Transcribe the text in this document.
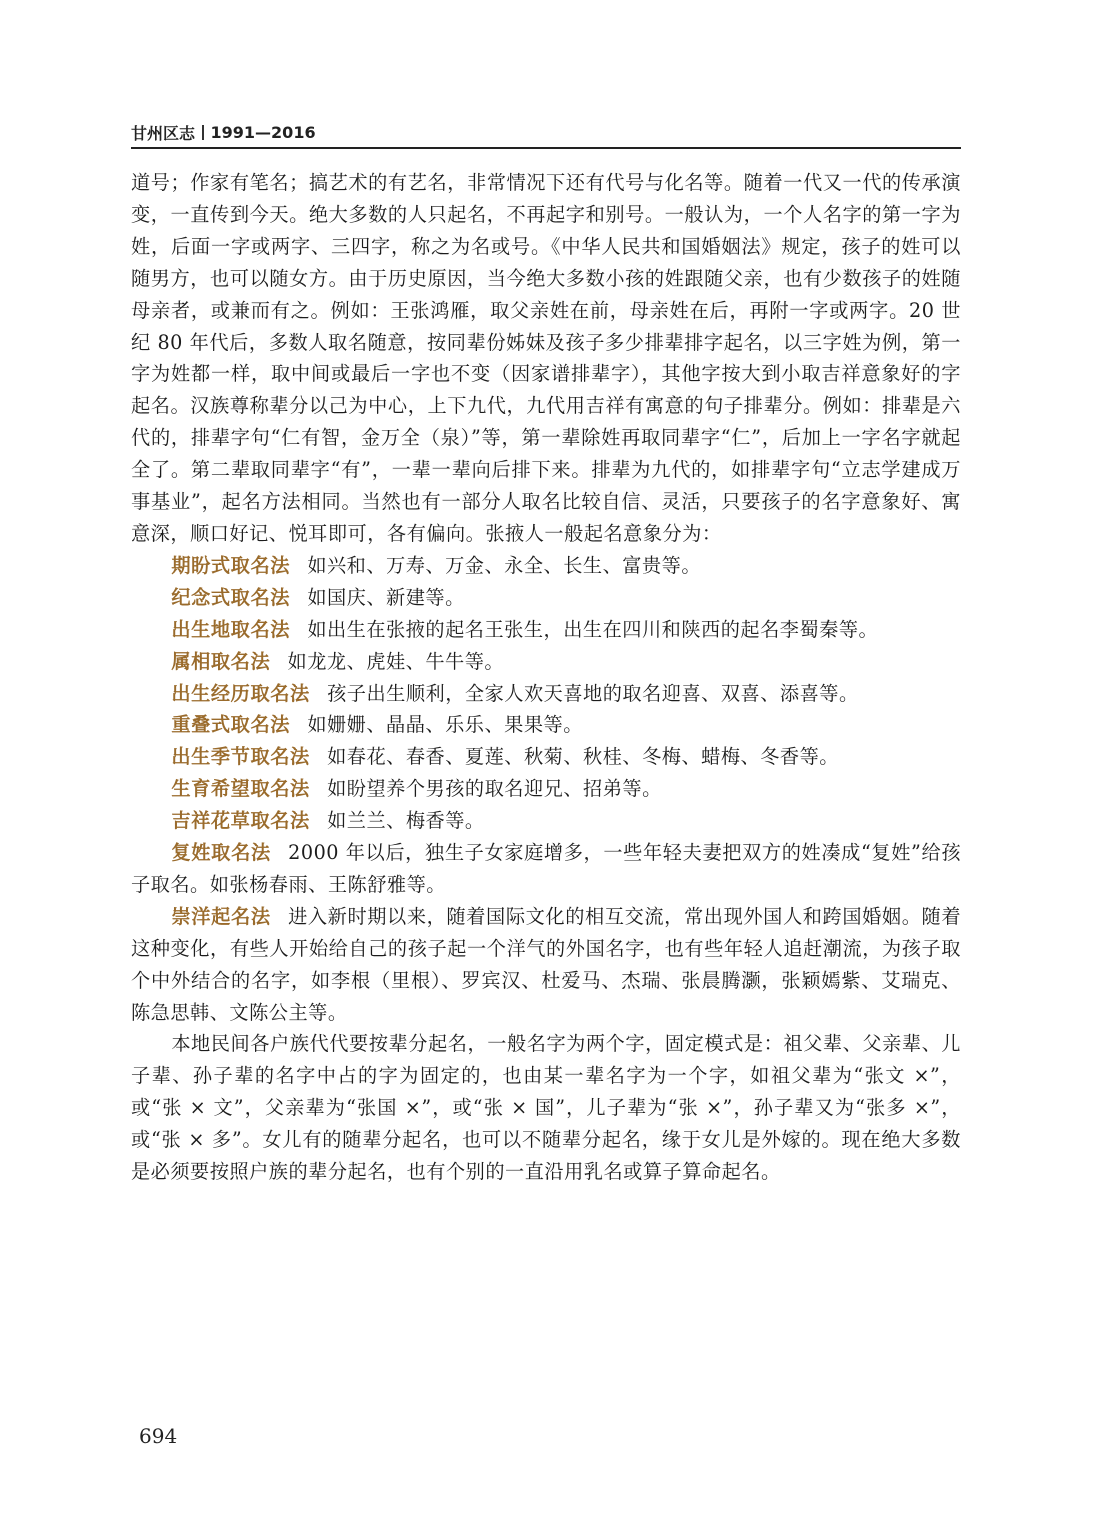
甘州区志 1991—2016

道号；作家有笔名；搞艺术的有艺名，非常情况下还有代号与化名等。随着一代又一代的传承演变，一直传到今天。绝大多数的人只起名，不再起字和别号。一般认为，一个人名字的第一字为姓，后面一字或两字、三四字，称之为名或号。《中华人民共和国婚姻法》规定，孩子的姓可以随男方，也可以随女方。由于历史原因，当今绝大多数小孩的姓跟随父亲，也有少数孩子的姓随母亲者，或兼而有之。例如：王张鸿雁，取父亲姓在前，母亲姓在后，再附一字或两字。20 世纪 80 年代后，多数人取名随意，按同辈份姊妹及孩子多少排辈排字起名，以三字姓为例，第一字为姓都一样，取中间或最后一字也不变（因家谱排辈字），其他字按大到小取吉祥意象好的字起名。汉族尊称辈分以己为中心，上下九代，九代用吉祥有寓意的句子排辈分。例如：排辈是六代的，排辈字句“仁有智，金万全（泉）”等，第一辈除姓再取同辈字“仁”，后加上一字名字就起全了。第二辈取同辈字“有”，一辈一辈向后排下来。排辈为九代的，如排辈字句“立志学建成万事基业”，起名方法相同。当然也有一部分人取名比较自信、灵活，只要孩子的名字意象好、寓意深，顺口好记、悦耳即可，各有偏向。张掖人一般起名意象分为：

期盼式取名法 如兴和、万寿、万金、永全、长生、富贵等。

纪念式取名法 如国庆、新建等。

出生地取名法 如出生在张掖的起名王张生，出生在四川和陕西的起名李蜀秦等。

属相取名法 如龙龙、虎娃、牛牛等。

出生经历取名法 孩子出生顺利，全家人欢天喜地的取名迎喜、双喜、添喜等。

重叠式取名法 如姗姗、晶晶、乐乐、果果等。

出生季节取名法 如春花、春香、夏莲、秋菊、秋桂、冬梅、蜡梅、冬香等。

生育希望取名法 如盼望养个男孩的取名迎兄、招弟等。

吉祥花草取名法 如兰兰、梅香等。

复姓取名法 2000 年以后，独生子女家庭增多，一些年轻夫妻把双方的姓凑成“复姓”给孩子取名。如张杨春雨、王陈舒雅等。

崇洋起名法 进入新时期以来，随着国际文化的相互交流，常出现外国人和跨国婚姻。随着这种变化，有些人开始给自己的孩子起一个洋气的外国名字，也有些年轻人追赶潮流，为孩子取个中外结合的名字，如李根（里根）、罗宾汉、杜爱马、杰瑞、张晨腾灏，张颖嫣紫、艾瑞克、陈急思韩、文陈公主等。

本地民间各户族代代要按辈分起名，一般名字为两个字，固定模式是：祖父辈、父亲辈、儿子辈、孙子辈的名字中占的字为固定的，也由某一辈名字为一个字，如祖父辈为“张文 ×”，或“张 × 文”，父亲辈为“张国 ×”，或“张 × 国”，儿子辈为“张 ×”，孙子辈又为“张多 ×”，或“张 × 多”。女儿有的随辈分起名，也可以不随辈分起名，缘于女儿是外嫁的。现在绝大多数是必须要按照户族的辈分起名，也有个别的一直沿用乳名或算子算命起名。

694
